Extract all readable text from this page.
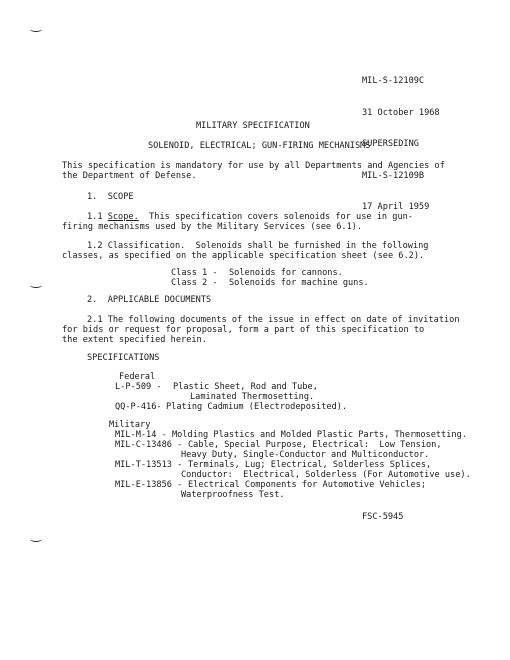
MIL-S-12109C

31 October 1968

SUPERSEDING

MIL-S-12109B

17 April 1959

MILITARY SPECIFICATION
SOLENOID, ELECTRICAL; GUN-FIRING MECHANISMS
This specification is mandatory for use by all Departments and Agencies of
the Department of Defense.
1.  SCOPE
1.1 Scope.  This specification covers solenoids for use in gun-
firing mechanisms used by the Military Services (see 6.1).
1.2 Classification.  Solenoids shall be furnished in the following
classes, as specified on the applicable specification sheet (see 6.2).
Class 1 - Solenoids for cannons.
Class 2 - Solenoids for machine guns.
2.  APPLICABLE DOCUMENTS
2.1 The following documents of the issue in effect on date of invitation
for bids or request for proposal, form a part of this specification to
the extent specified herein.
SPECIFICATIONS
Federal
L-P-509 - Plastic Sheet, Rod and Tube,
Laminated Thermosetting.
QQ-P-416- Plating Cadmium (Electrodeposited).
Military
MIL-M-14 - Molding Plastics and Molded Plastic Parts, Thermosetting.
MIL-C-13486 - Cable, Special Purpose, Electrical:  Low Tension,
Heavy Duty, Single-Conductor and Multiconductor.
MIL-T-13513 - Terminals, Lug; Electrical, Solderless Splices,
Conductor:  Electrical, Solderless (For Automotive use).
MIL-E-13856 - Electrical Components for Automotive Vehicles;
Waterproofness Test.
FSC-5945
